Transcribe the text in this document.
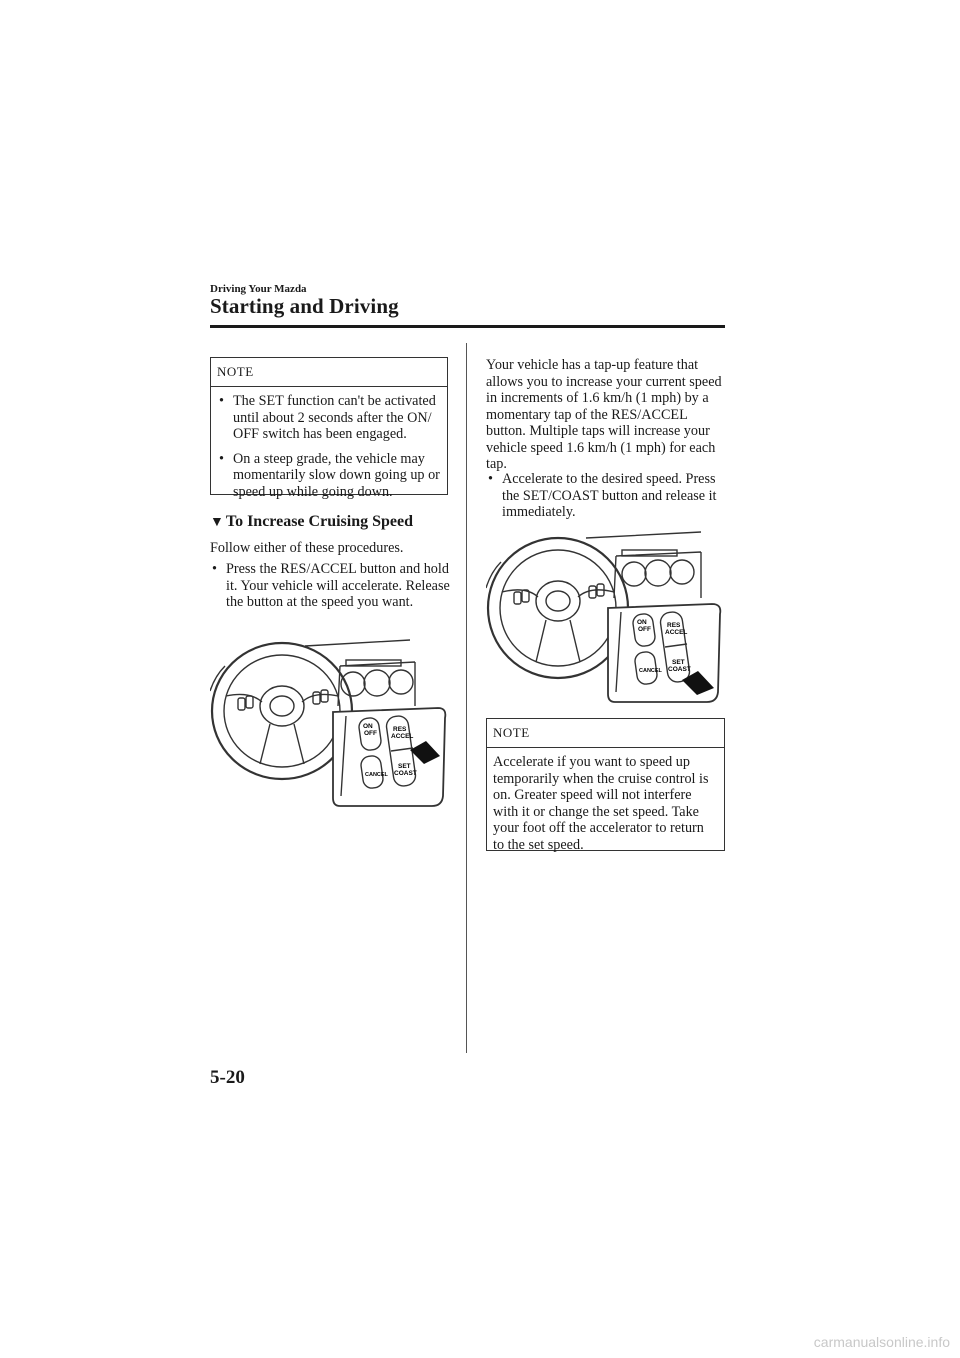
Driving Your Mazda
Starting and Driving
NOTE
• The SET function can't be activated until about 2 seconds after the ON/ OFF switch has been engaged.
• On a steep grade, the vehicle may momentarily slow down going up or speed up while going down.
▼ To Increase Cruising Speed
Follow either of these procedures.
• Press the RES/ACCEL button and hold it. Your vehicle will accelerate. Release the button at the speed you want.
ON
OFF
RES
ACCEL
CANCEL
SET
COAST
Your vehicle has a tap-up feature that allows you to increase your current speed in increments of 1.6 km/h (1 mph) by a momentary tap of the RES/ACCEL button. Multiple taps will increase your vehicle speed 1.6 km/h (1 mph) for each tap.
• Accelerate to the desired speed. Press the SET/COAST button and release it immediately.
ON
OFF
RES
ACCEL
CANCEL
SET
COAST
NOTE
Accelerate if you want to speed up temporarily when the cruise control is on. Greater speed will not interfere with it or change the set speed. Take your foot off the accelerator to return to the set speed.
5-20
carmanualsonline.info
